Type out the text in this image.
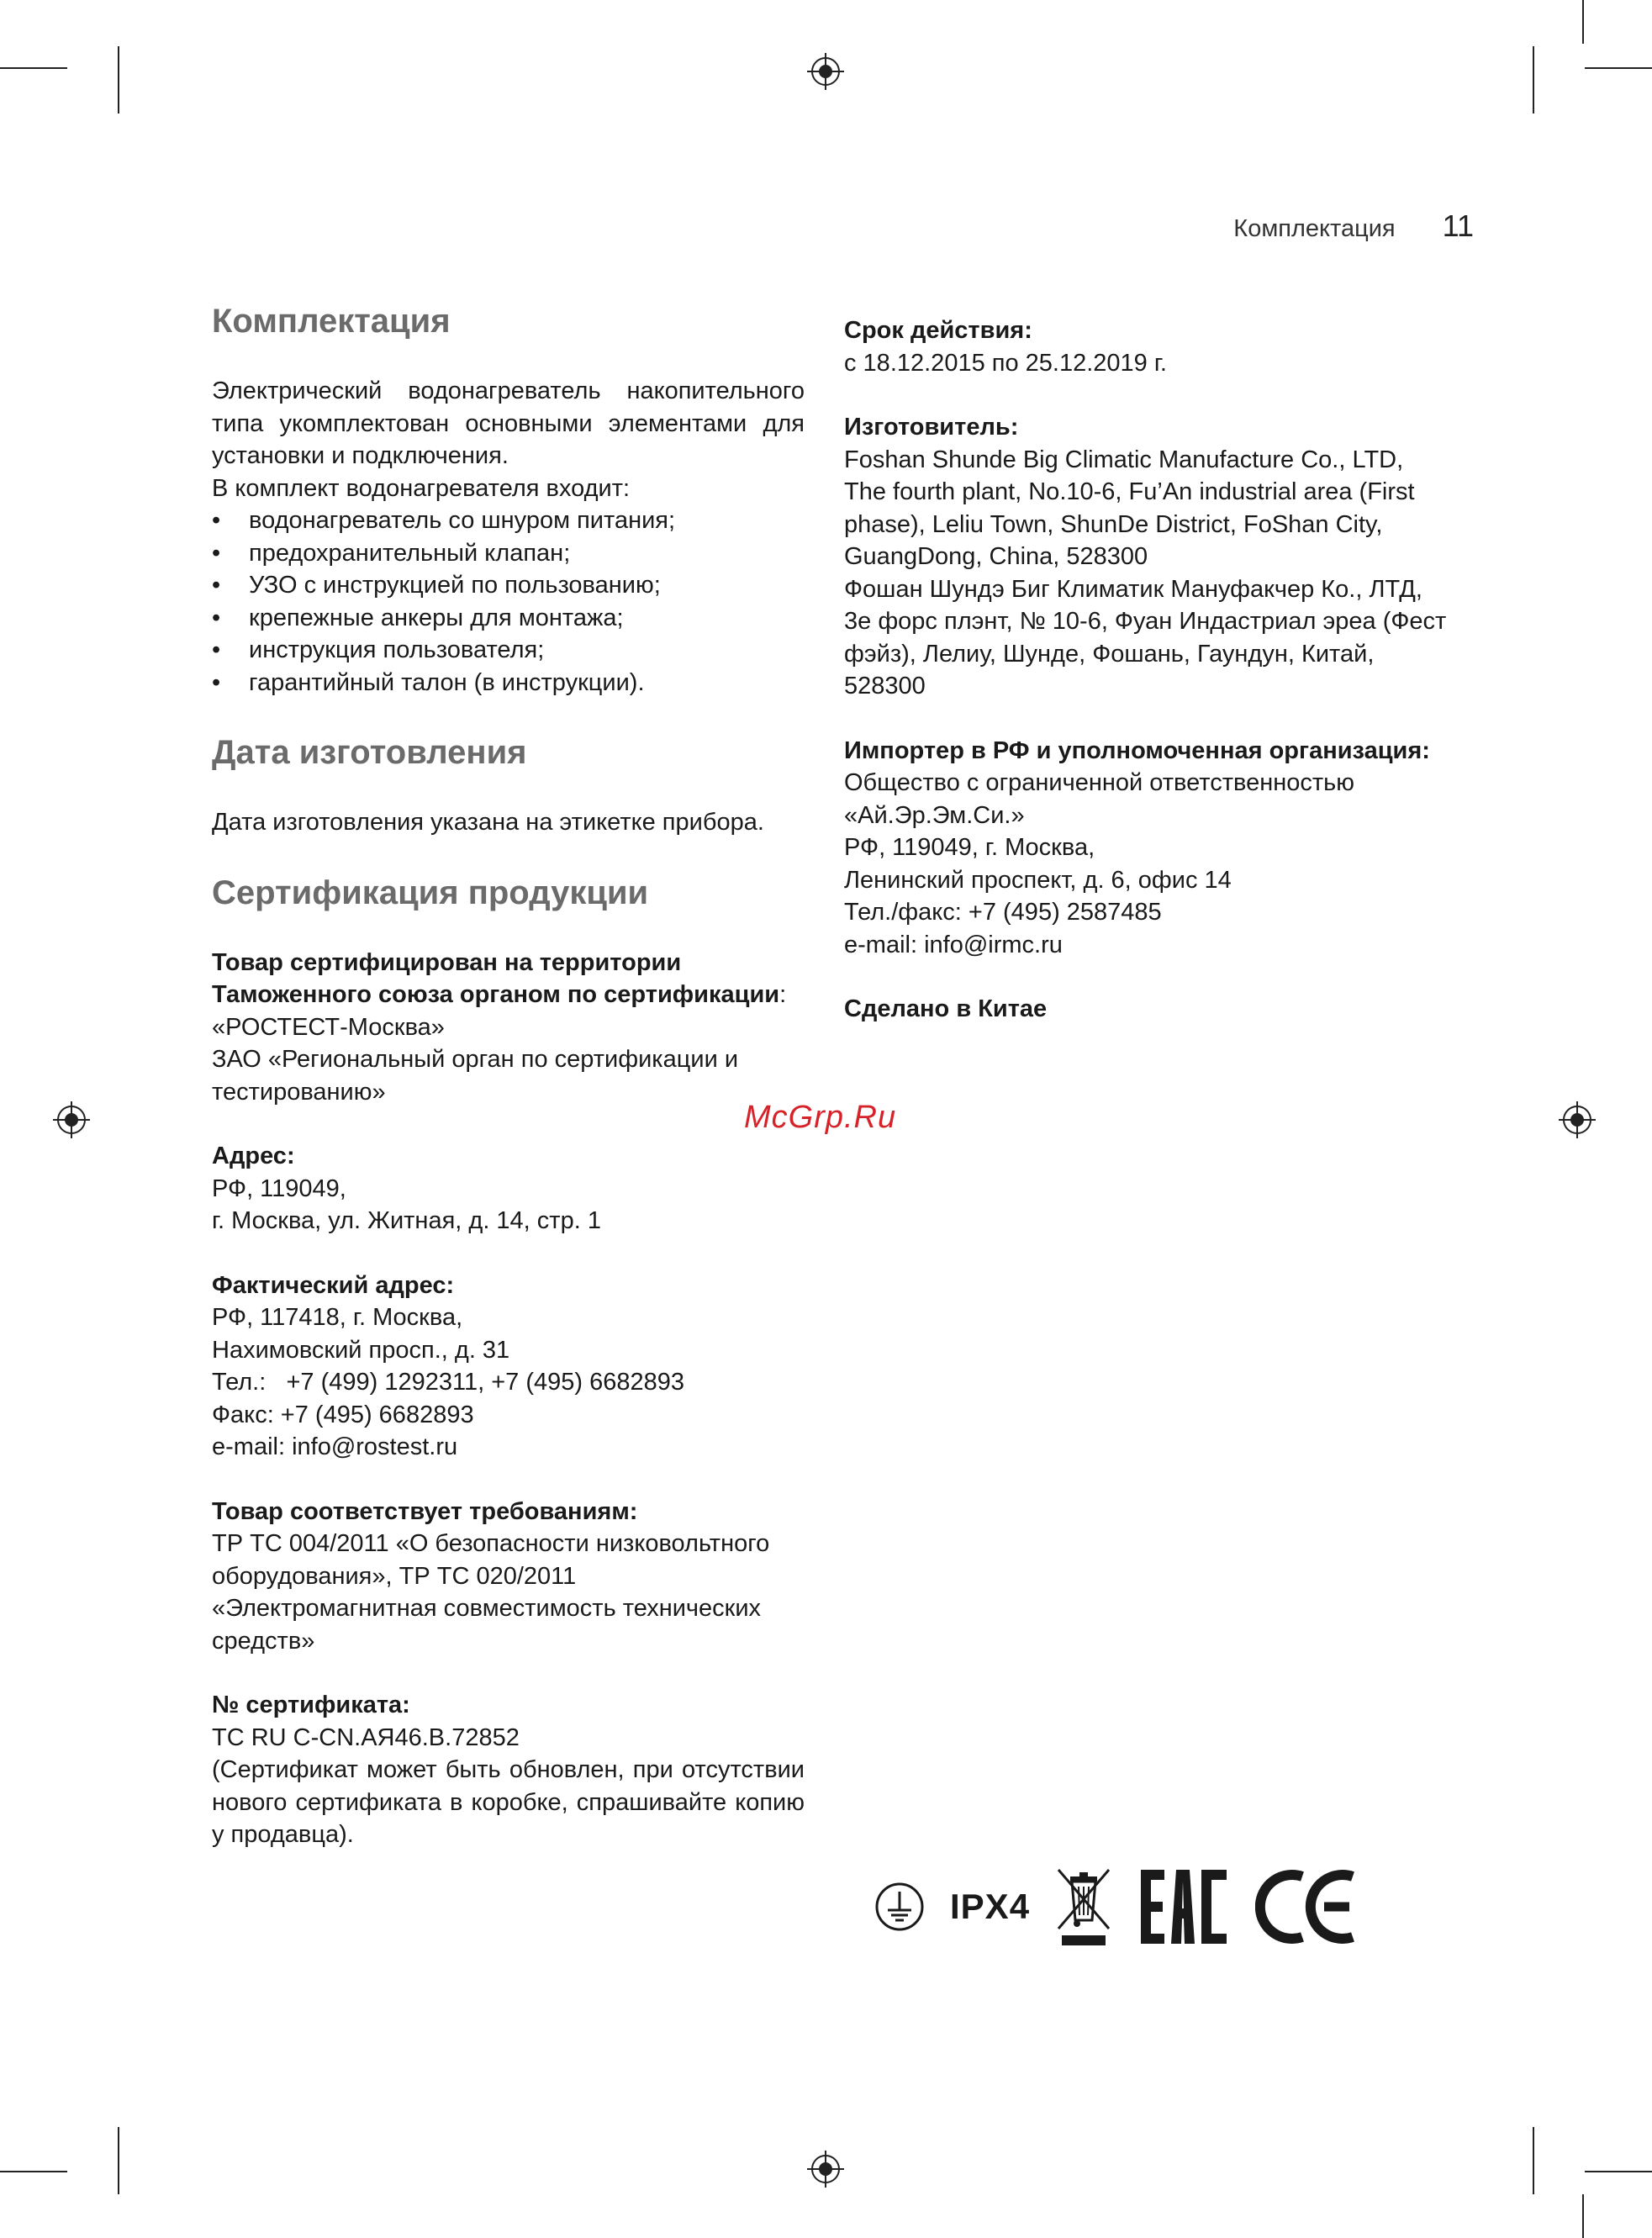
Комплектация 11
Комплектация

Электрический водонагреватель накопительного типа укомплектован основными элементами для установки и подключения.

В комплект водонагревателя входит:

• водонагреватель со шнуром питания;
• предохранительный клапан;
• УЗО с инструкцией по пользованию;
• крепежные анкеры для монтажа;
• инструкция пользователя;
• гарантийный талон (в инструкции).
Дата изготовления

Дата изготовления указана на этикетке прибора.

Сертификация продукции

Товар сертифицирован на территории Таможенного союза органом по сертификации:

«РОСТЕСТ-Москва»

ЗАО «Региональный орган по сертификации и тестированию»

Адрес:

РФ, 119049,

г. Москва, ул. Житная, д. 14, стр. 1

Фактический адрес:

РФ, 117418, г. Москва,

Нахимовский просп., д. 31

Тел.:   +7 (499) 1292311, +7 (495) 6682893

Факс: +7 (495) 6682893

e-mail: info@rostest.ru

Товар соответствует требованиям:

ТР ТС 004/2011 «О безопасности низковольтного оборудования», ТР ТС 020/2011 «Электромагнитная совместимость технических средств»

№ сертификата:

ТС RU C-CN.АЯ46.В.72852

(Сертификат может быть обновлен, при отсутствии нового сертификата в коробке, спрашивайте копию у продавца).

Срок действия:

с 18.12.2015 по 25.12.2019 г.

Изготовитель:

Foshan Shunde Big Climatic Manufacture Co., LTD, The fourth plant, No.10-6, Fu’An industrial area (First phase), Leliu Town, ShunDe District, FoShan City, GuangDong, China, 528300

Фошан Шундэ Биг Климатик Мануфакчер Ко., ЛТД, 3е форс плэнт, № 10-6, Фуан Индастриал эреа (Фест фэйз), Лелиу, Шунде, Фошань, Гаундун, Китай, 528300

Импортер в РФ и уполномоченная организация:

Общество с ограниченной ответственностью

«Ай.Эр.Эм.Си.»

РФ, 119049, г. Москва,

Ленинский проспект, д. 6, офис 14

Тел./факс: +7 (495) 2587485

e-mail: info@irmc.ru

Сделано в Китае

McGrp.Ru
IPX4
